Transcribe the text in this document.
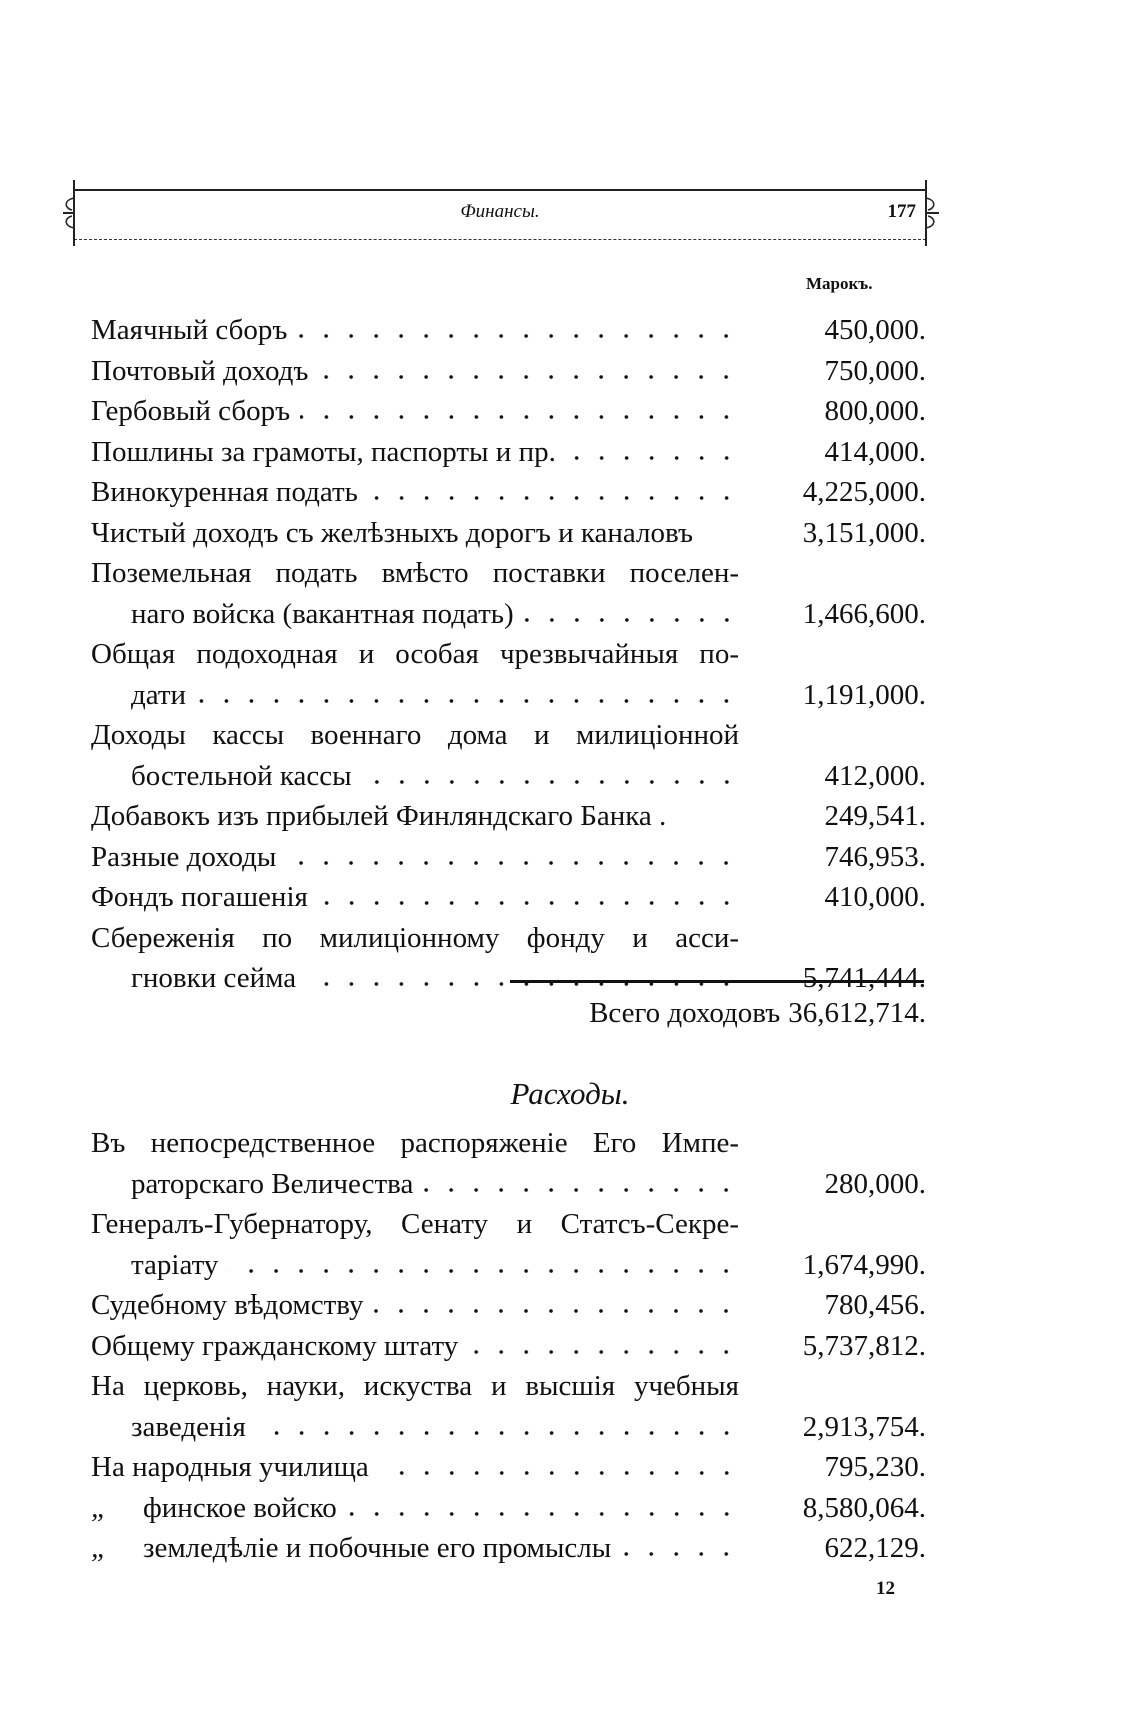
Финансы.	177
Марокъ.
Маячный сборъ	450,000.
Почтовый доходъ	750,000.
Гербовый сборъ	800,000.
Пошлины за грамоты, паспорты и пр.	414,000.
Винокуренная подать	4,225,000.
Чистый доходъ съ желѣзныхъ дорогъ и каналовъ	3,151,000.
Поземельная подать вмѣсто поставки поселен-
наго войска (вакантная подать)	1,466,600.
Общая подоходная и особая чрезвычайныя по-
дати	1,191,000.
Доходы кассы военнаго дома и милиціонной
бостельной кассы	412,000.
Добавокъ изъ прибылей Финляндскаго Банка .	249,541.
Разные доходы	746,953.
Фондъ погашенія	410,000.
Сбереженія по милиціонному фонду и асси-
гновки сейма	5,741,444.
Всего доходовъ 36,612,714.
Расходы.
Въ непосредственное распоряженіе Его Импе-
раторскаго Величества	280,000.
Генералъ-Губернатору, Сенату и Статсъ-Секре-
таріату	1,674,990.
Судебному вѣдомству	780,456.
Общему гражданскому штату	5,737,812.
На церковь, науки, искуства и высшія учебныя
заведенія	2,913,754.
На народныя училища	795,230.
„	финское войско	8,580,064.
„	земледѣліе и побочные его промыслы	622,129.
12
